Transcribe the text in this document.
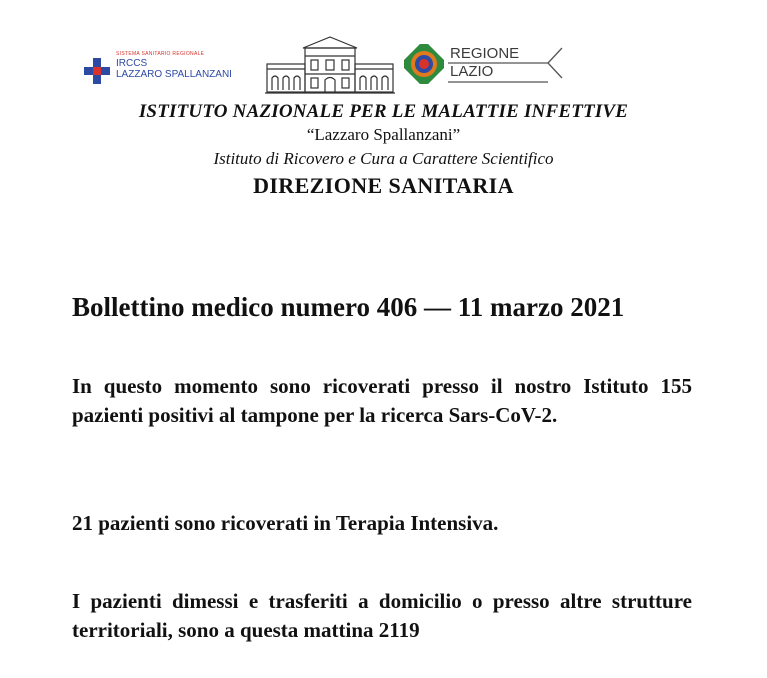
SISTEMA SANITARIO REGIONALE
IRCCS
LAZZARO SPALLANZANI
REGIONE
LAZIO
ISTITUTO NAZIONALE PER LE MALATTIE INFETTIVE
“Lazzaro Spallanzani”
Istituto di Ricovero e Cura a Carattere Scientifico
DIREZIONE SANITARIA
Bollettino medico numero 406 — 11 marzo 2021
In questo momento sono ricoverati presso il nostro Istituto 155 pazienti positivi al tampone per la ricerca Sars-CoV-2.
21 pazienti sono ricoverati in Terapia Intensiva.
I pazienti dimessi e trasferiti a domicilio o presso altre strutture territoriali, sono a questa mattina 2119
